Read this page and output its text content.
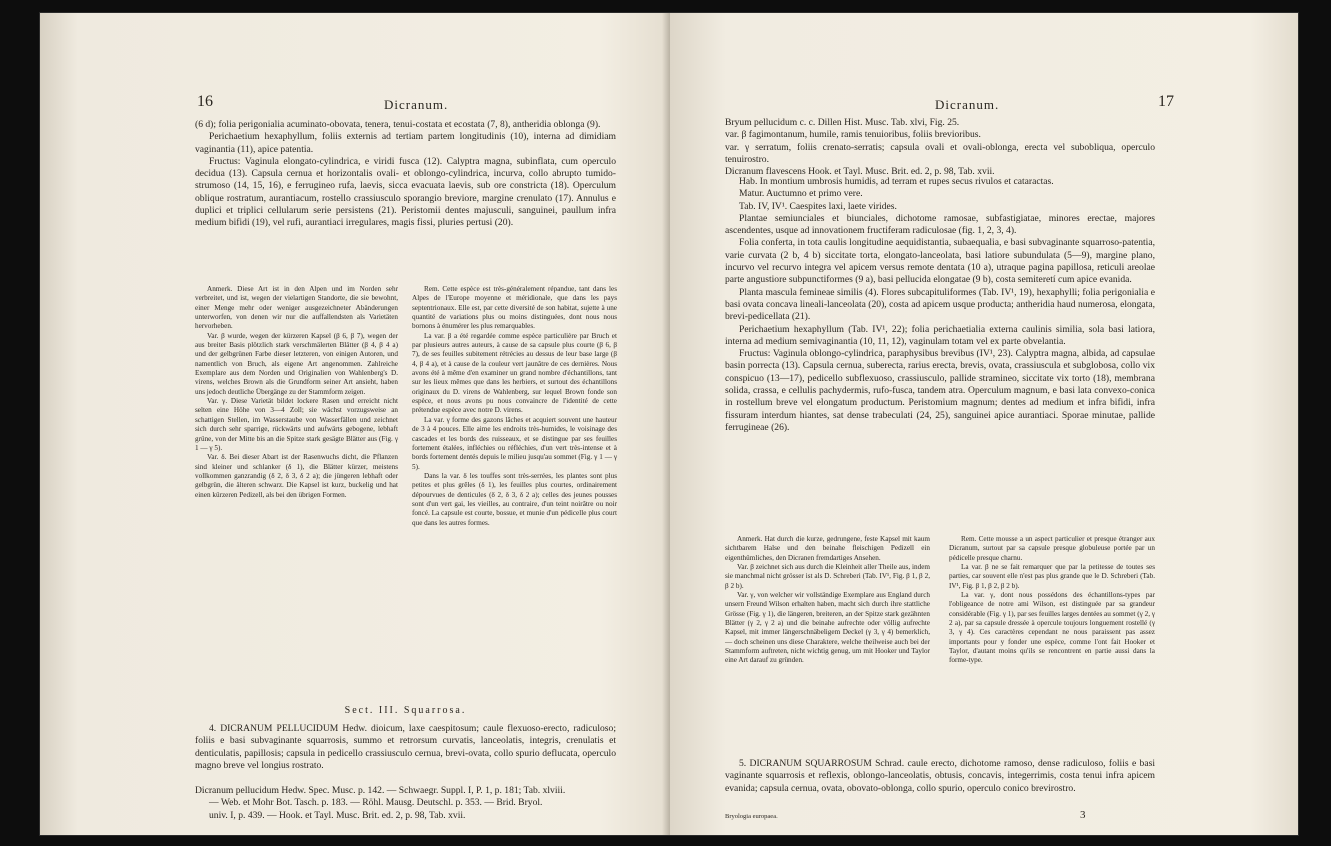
16	Dicranum.

(6 d); folia perigonialia acuminato-obovata, tenera, tenui-costata et ecostata (7, 8), antheridia oblonga (9).

Perichaetium hexaphyllum, foliis externis ad tertiam partem longitudinis (10), interna ad dimidiam vaginantia (11), apice patentia.

Fructus: Vaginula elongato-cylindrica, e viridi fusca (12). Calyptra magna, subinflata, cum operculo decidua (13). Capsula cernua et horizontalis ovali- et oblongo-cylindrica, incurva, collo abrupto tumido-strumoso (14, 15, 16), e ferrugineo rufa, laevis, siccа evacuata laevis, sub ore constricta (18). Operculum oblique rostratum, aurantiacum, rostello crassiusculo sporangio breviore, margine crenulato (17). Annulus e duplici et triplici cellularum serie persistens (21). Peristomii dentes majusculi, sanguinei, paullum infra medium bifidi (19), vel rufi, aurantiaci irregulares, magis fissi, pluries pertusi (20).

Anmerk. Diese Art ist in den Alpen und im Norden sehr verbreitet, und ist, wegen der vielartigen Standorte, die sie bewohnt, einer Menge mehr oder weniger ausgezeichneter Abänderungen unterworfen, von denen wir nur die auffallendsten als Varietäten hervorheben.

Var. β wurde, wegen der kürzeren Kapsel (β 6, β 7), wegen der aus breiter Basis plötzlich stark verschmälerten Blätter (β 4, β 4 a) und der gelbgrünen Farbe dieser letzteren, von einigen Autoren, und namentlich von Bruch, als eigene Art angenommen. Zahlreiche Exemplare aus dem Norden und Originalien von Wahlenberg's D. virens, welches Brown als die Grundform seiner Art ansieht, haben uns jedoch deutliche Übergänge zu der Stammform zeigen.

Var. γ. Diese Varietät bildet lockere Rasen und erreicht nicht selten eine Höhe von 3—4 Zoll; sie wächst vorzugsweise an schattigen Stellen, im Wasserstaube von Wasserfällen und zeichnet sich durch sehr sparrige, rückwärts und aufwärts gebogene, lebhaft grüne, von der Mitte bis an die Spitze stark gesägte Blätter aus (Fig. γ 1 — γ 5).

Var. δ. Bei dieser Abart ist der Rasenwuchs dicht, die Pflanzen sind kleiner und schlanker (δ 1), die Blätter kürzer, meistens vollkommen ganzrandig (δ 2, δ 3, δ 2 a); die jüngeren lebhaft oder gelbgrün, die älteren schwarz. Die Kapsel ist kurz, buckelig und hat einen kürzeren Pedizell, als bei den übrigen Formen.

Rem. Cette espèce est très-généralement répandue, tant dans les Alpes de l'Europe moyenne et méridionale, que dans les pays septentrionaux. Elle est, par cette diversité de son habitat, sujette à une quantité de variations plus ou moins distinguées, dont nous nous bornons à énumérer les plus remarquables.

La var. β a été regardée comme espèce particulière par Bruch et par plusieurs autres auteurs, à cause de sa capsule plus courte (β 6, β 7), de ses feuilles subitement rétrécies au dessus de leur base large (β 4, β 4 a), et à cause de la couleur vert jaunâtre de ces dernières. Nous avons été à même d'en examiner un grand nombre d'échantillons, tant sur les lieux mêmes que dans les herbiers, et surtout des échantillons originaux du D. virens de Wahlenberg, sur lequel Brown fonde son espèce, et nous avons pu nous convaincre de l'identité de cette prétendue espèce avec notre D. virens.

La var. γ forme des gazons lâches et acquiert souvent une hauteur de 3 à 4 pouces. Elle aime les endroits très-humides, le voisinage des cascades et les bords des ruisseaux, et se distingue par ses feuilles fortement étalées, infléchies ou réfléchies, d'un vert très-intense et à bords fortement dentés depuis le milieu jusqu'au sommet (Fig. γ 1 — γ 5).

Dans la var. δ les touffes sont très-serrées, les plantes sont plus petites et plus grêles (δ 1), les feuilles plus courtes, ordinairement dépourvues de denticules (δ 2, δ 3, δ 2 a); celles des jeunes pousses sont d'un vert gai, les vieilles, au contraire, d'un teint noirâtre ou noir foncé. La capsule est courte, bossue, et munie d'un pédicelle plus court que dans les autres formes.

Sect. III. Squarrosa.

4. DICRANUM PELLUCIDUM Hedw. dioicum, laxe caespitosum; caule flexuoso-erecto, radiculoso; foliis e basi subvaginante squarrosis, summo et retrorsum curvatis, lanceolatis, integris, crenulatis et denticulatis, papillosis; capsula in pedicello crassiusculo cernua, brevi-ovata, collo spurio deflucata, operculo magno breve vel longius rostrato.

Dicranum pellucidum Hedw. Spec. Musc. p. 142. — Schwaegr. Suppl. I, P. 1, p. 181; Tab. xlviii.

— Web. et Mohr Bot. Tasch. p. 183. — Röhl. Mausg. Deutschl. p. 353. — Brid. Bryol.

univ. I, p. 439. — Hook. et Tayl. Musc. Brit. ed. 2, p. 98, Tab. xvii.

Dicranum.	17

Bryum pellucidum c. c. Dillen Hist. Musc. Tab. xlvi, Fig. 25.

var. β fagimontanum, humile, ramis tenuioribus, foliis brevioribus.

var. γ serratum, foliis crenato-serratis; capsula ovali et ovali-oblonga, erecta vel subobliqua, operculo tenuirostro.

Dicranum flavescens Hook. et Tayl. Musc. Brit. ed. 2, p. 98, Tab. xvii.

Hab. In montium umbrosis humidis, ad terram et rupes secus rivulos et cataractas.

Matur. Auctumno et primo vere.

Tab. IV, IV¹. Caespites laxi, laete virides.

Plantae semiunciales et biunciales, dichotome ramosae, subfastigiatae, minores erectae, majores ascendentes, usque ad innovationem fructiferam radiculosae (fig. 1, 2, 3, 4).

Folia conferta, in tota caulis longitudine aequidistantia, subaequalia, e basi subvaginante squarroso-patentia, varie curvata (2 b, 4 b) siccitate torta, elongato-lanceolata, basi latiore subundulata (5—9), margine plano, incurvo vel recurvo integra vel apicem versus remote dentata (10 a), utraque pagina papillosa, reticuli areolae parte angustiore subpunctiformes (9 a), basi pellucida elongatae (9 b), costa semiteretí cum apice evanida.

Planta mascula feminеae similis (4). Flores subcapituliformes (Tab. IV¹, 19), hexaphylli; folia perigonialia e basi ovata concava lineali-lanceolata (20), costa ad apicem usque producta; antheridia haud numerosa, elongata, brevi-pedicellata (21).

Perichaetium hexaphyllum (Tab. IV¹, 22); folia perichaetialia externa caulinis similia, sola basi latiora, interna ad medium semivaginantia (10, 11, 12), vaginulam totam vel ex parte obvelantia.

Fructus: Vaginula oblongo-cylindrica, paraphysibus brevibus (IV¹, 23). Calyptra magna, albida, ad capsulae basin porrecta (13). Capsula cernua, suberecta, rarius erecta, brevis, ovata, crassiuscula et subglobosa, collo vix conspicuo (13—17), pedicello subflexuoso, crassiusculo, pallide straminео, siccitate vix torto (18), membrana solida, crassa, e cellulis pachydermis, rufo-fusca, tandem atra. Operculum magnum, e basi lata convexo-conica in rostellum breve vel elongatum productum. Peristomium magnum; dentes ad medium et infra bifidi, infra fissuram interdum hiantes, sat dense trabeculati (24, 25), sanguinei apice aurantiaci. Sporae minutae, pallide ferrugineae (26).

Anmerk. Hat durch die kurze, gedrungene, feste Kapsel mit kaum sichtbarem Halse und den beinahe fleischigen Pedizell ein eigenthümliches, den Dicranen fremdartiges Ansehen.

Var. β zeichnet sich aus durch die Kleinheit aller Theile aus, indem sie manchmal nicht grösser ist als D. Schreberi (Tab. IV¹, Fig. β 1, β 2, β 2 b).

Var. γ, von welcher wir vollständige Exemplare aus England durch unsern Freund Wilson erhalten haben, macht sich durch ihre stattliche Grösse (Fig. γ 1), die längeren, breiteren, an der Spitze stark gezähnten Blätter (γ 2, γ 2 a) und die beinahe aufrechte oder völlig aufrechte Kapsel, mit immer längerschnäbeligem Deckel (γ 3, γ 4) bemerklich, — doch scheinen uns diese Charaktere, welche theilweise auch bei der Stammform auftreten, nicht wichtig genug, um mit Hooker und Taylor eine Art darauf zu gründen.

Rem. Cette mousse a un aspect particulier et presque étranger aux Dicranum, surtout par sa capsule presque globuleuse portée par un pédicelle presque charnu.

La var. β ne se fait remarquer que par la petitesse de toutes ses parties, car souvent elle n'est pas plus grande que le D. Schreberi (Tab. IV¹, Fig. β 1, β 2, β 2 b).

La var. γ, dont nous possédons des échantillons-types par l'obligeance de notre ami Wilson, est distinguée par sa grandeur considérable (Fig. γ 1), par ses feuilles larges dentées au sommet (γ 2, γ 2 a), par sa capsule dressée à opercule toujours longuement rostellé (γ 3, γ 4). Ces caractères cependant ne nous paraissent pas assez importants pour y fonder une espèce, comme l'ont fait Hooker et Taylor, d'autant moins qu'ils se rencontrent en partie aussi dans la forme-type.

5. DICRANUM SQUARROSUM Schrad. caule erecto, dichotome ramoso, dense radiculoso, foliis e basi vaginante squarrosis et reflexis, oblongo-lanceolatis, obtusis, concavis, integerrimis, costa tenui infra apicem evanida; capsula cernua, ovata, obovato-oblonga, collo spurio, operculo conico brevirostro.

Bryologia europaea.	3
